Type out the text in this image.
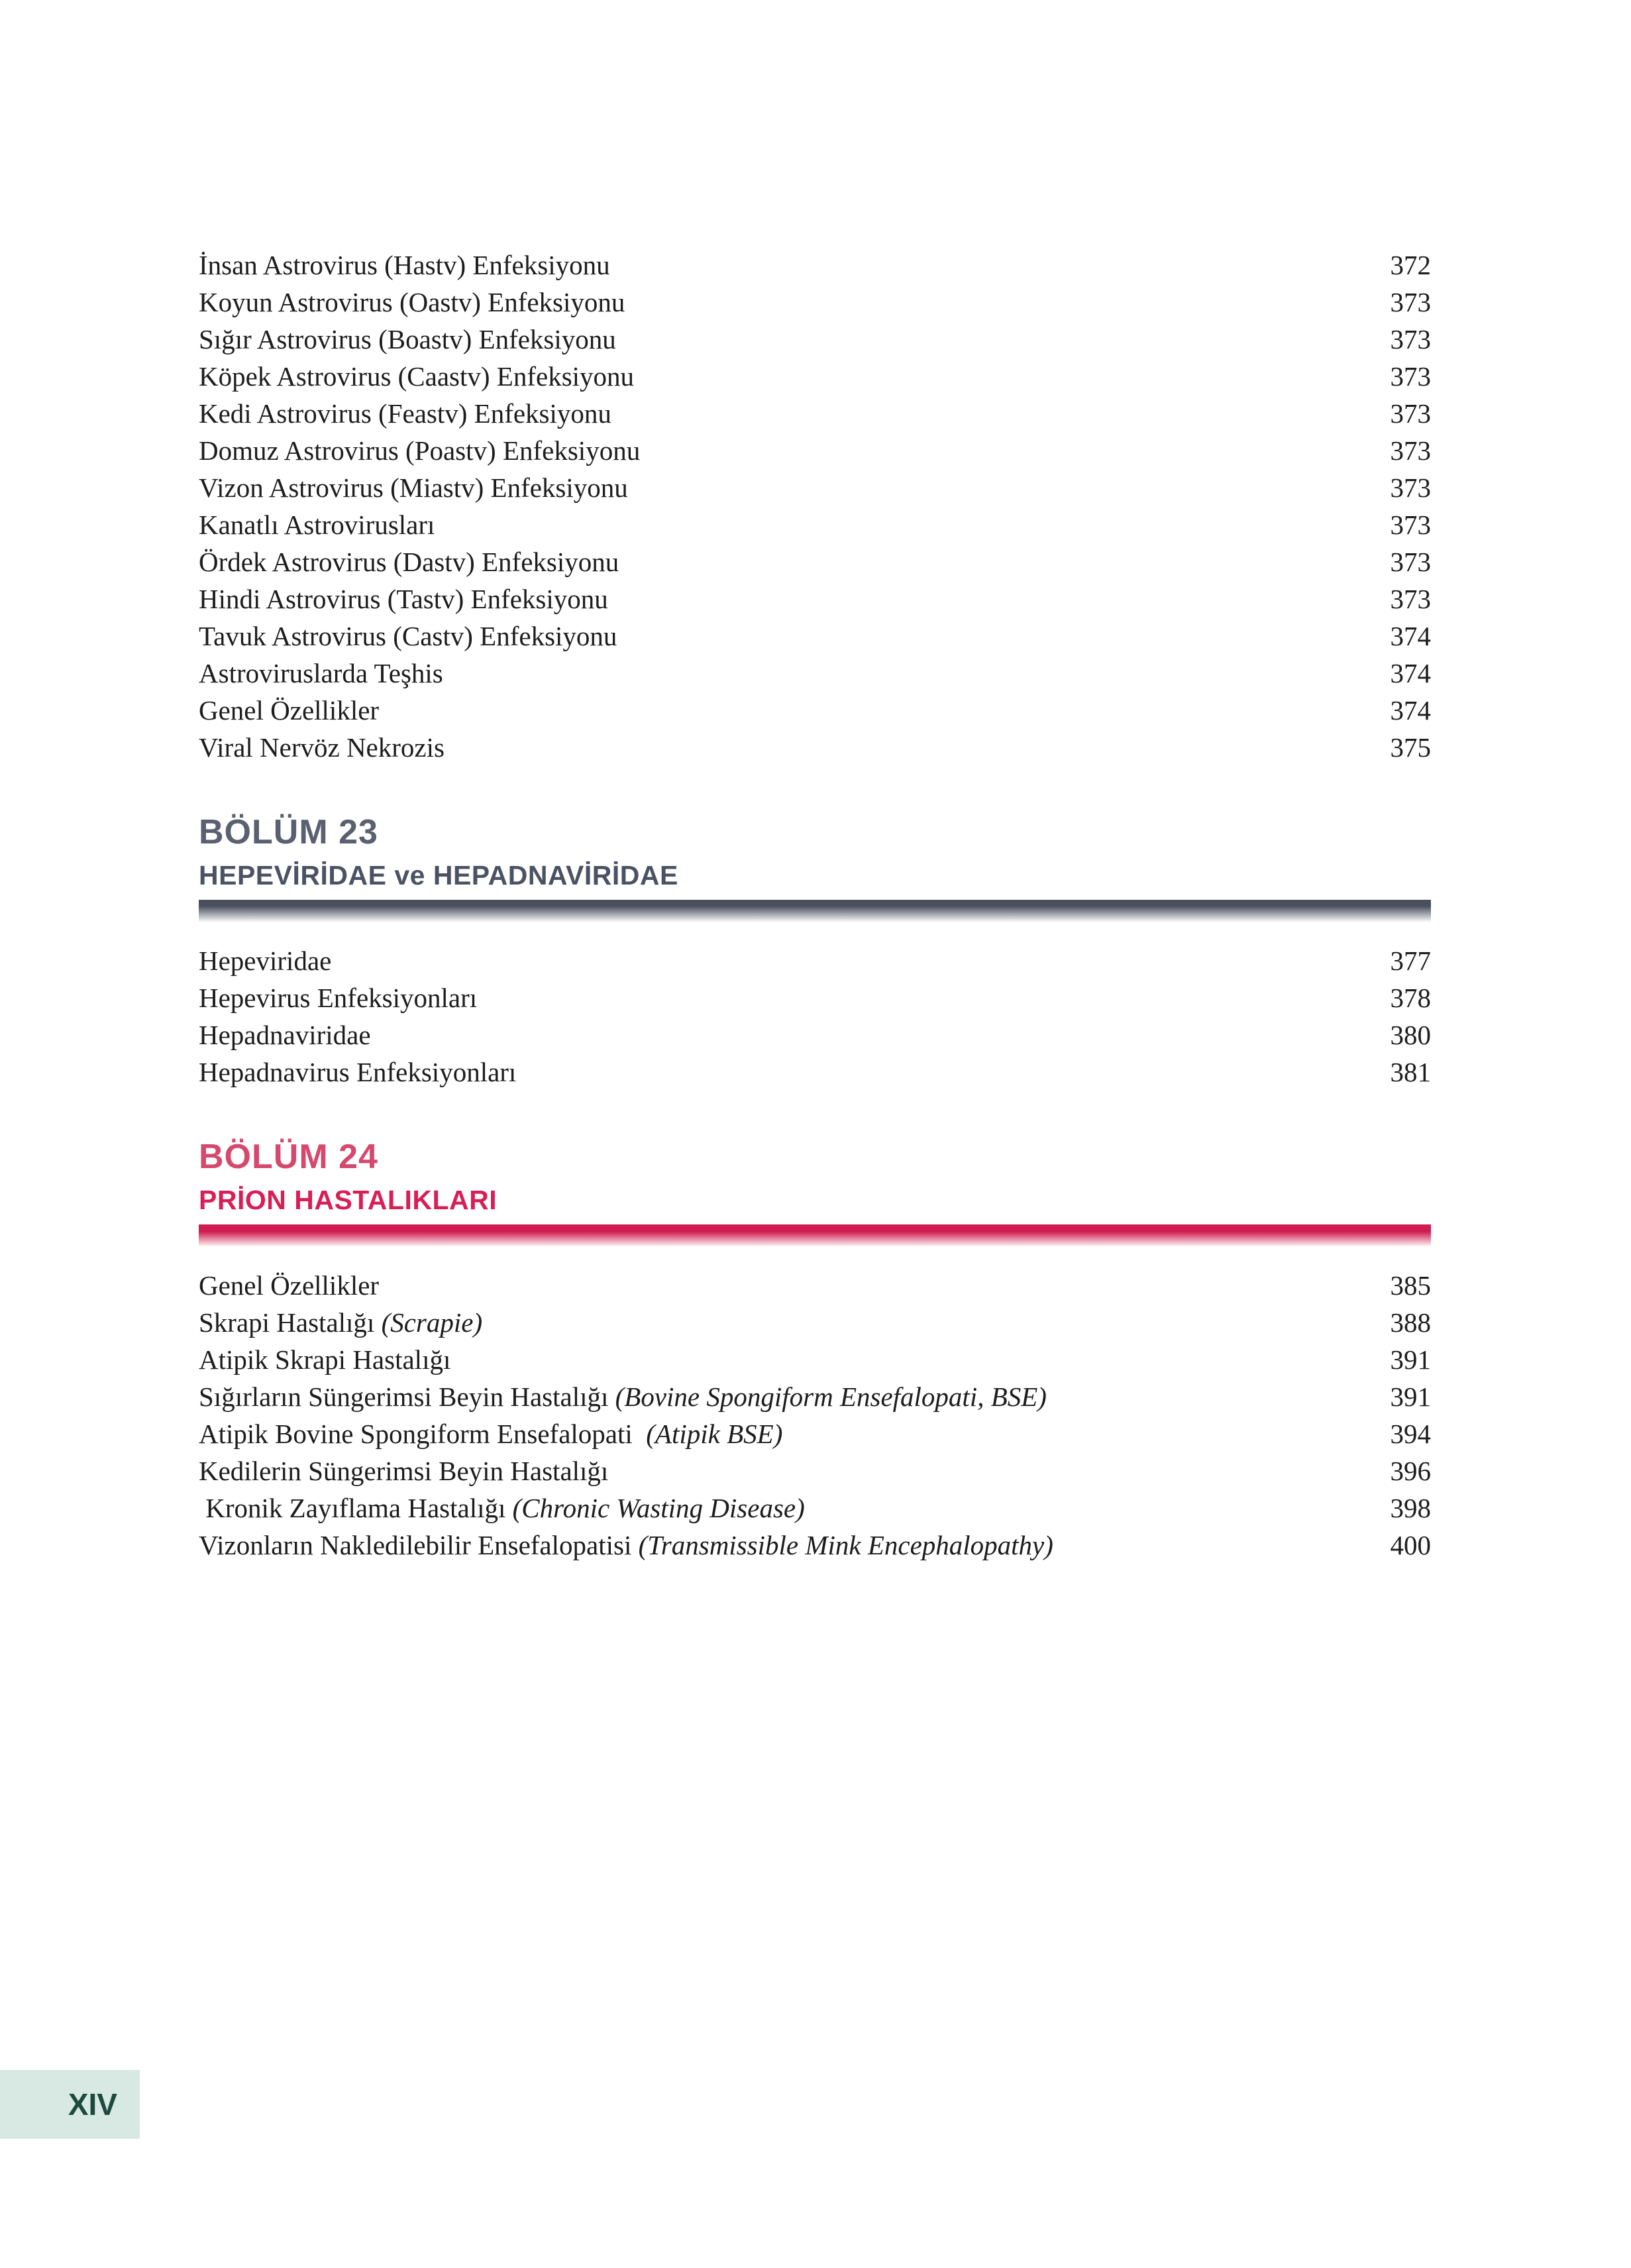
İnsan Astrovirus (Hastv) Enfeksiyonu	372
Koyun Astrovirus (Oastv) Enfeksiyonu	373
Sığır Astrovirus (Boastv) Enfeksiyonu	373
Köpek Astrovirus (Caastv) Enfeksiyonu	373
Kedi Astrovirus (Feastv) Enfeksiyonu	373
Domuz Astrovirus (Poastv) Enfeksiyonu	373
Vizon Astrovirus (Miastv) Enfeksiyonu	373
Kanatlı Astrovirusları	373
Ördek Astrovirus (Dastv) Enfeksiyonu	373
Hindi Astrovirus (Tastv) Enfeksiyonu	373
Tavuk Astrovirus (Castv) Enfeksiyonu	374
Astroviruslarda Teşhis	374
Genel Özellikler	374
Viral Nervöz Nekrozis	375
BÖLÜM 23
HEPEVİRİDAE ve HEPADNAVİRİDAE
Hepeviridae	377
Hepevirus Enfeksiyonları	378
Hepadnaviridae	380
Hepadnavirus Enfeksiyonları	381
BÖLÜM 24
PRİON HASTALIKLARI
Genel Özellikler	385
Skrapi Hastalığı (Scrapie)	388
Atipik Skrapi Hastalığı	391
Sığırların Süngerimsi Beyin Hastalığı (Bovine Spongiform Ensefalopati, BSE)	391
Atipik Bovine Spongiform Ensefalopati  (Atipik BSE)	394
Kedilerin Süngerimsi Beyin Hastalığı	396
Kronik Zayıflama Hastalığı (Chronic Wasting Disease)	398
Vizonların Nakledilebilir Ensefalopatisi (Transmissible Mink Encephalopathy)	400
XIV
